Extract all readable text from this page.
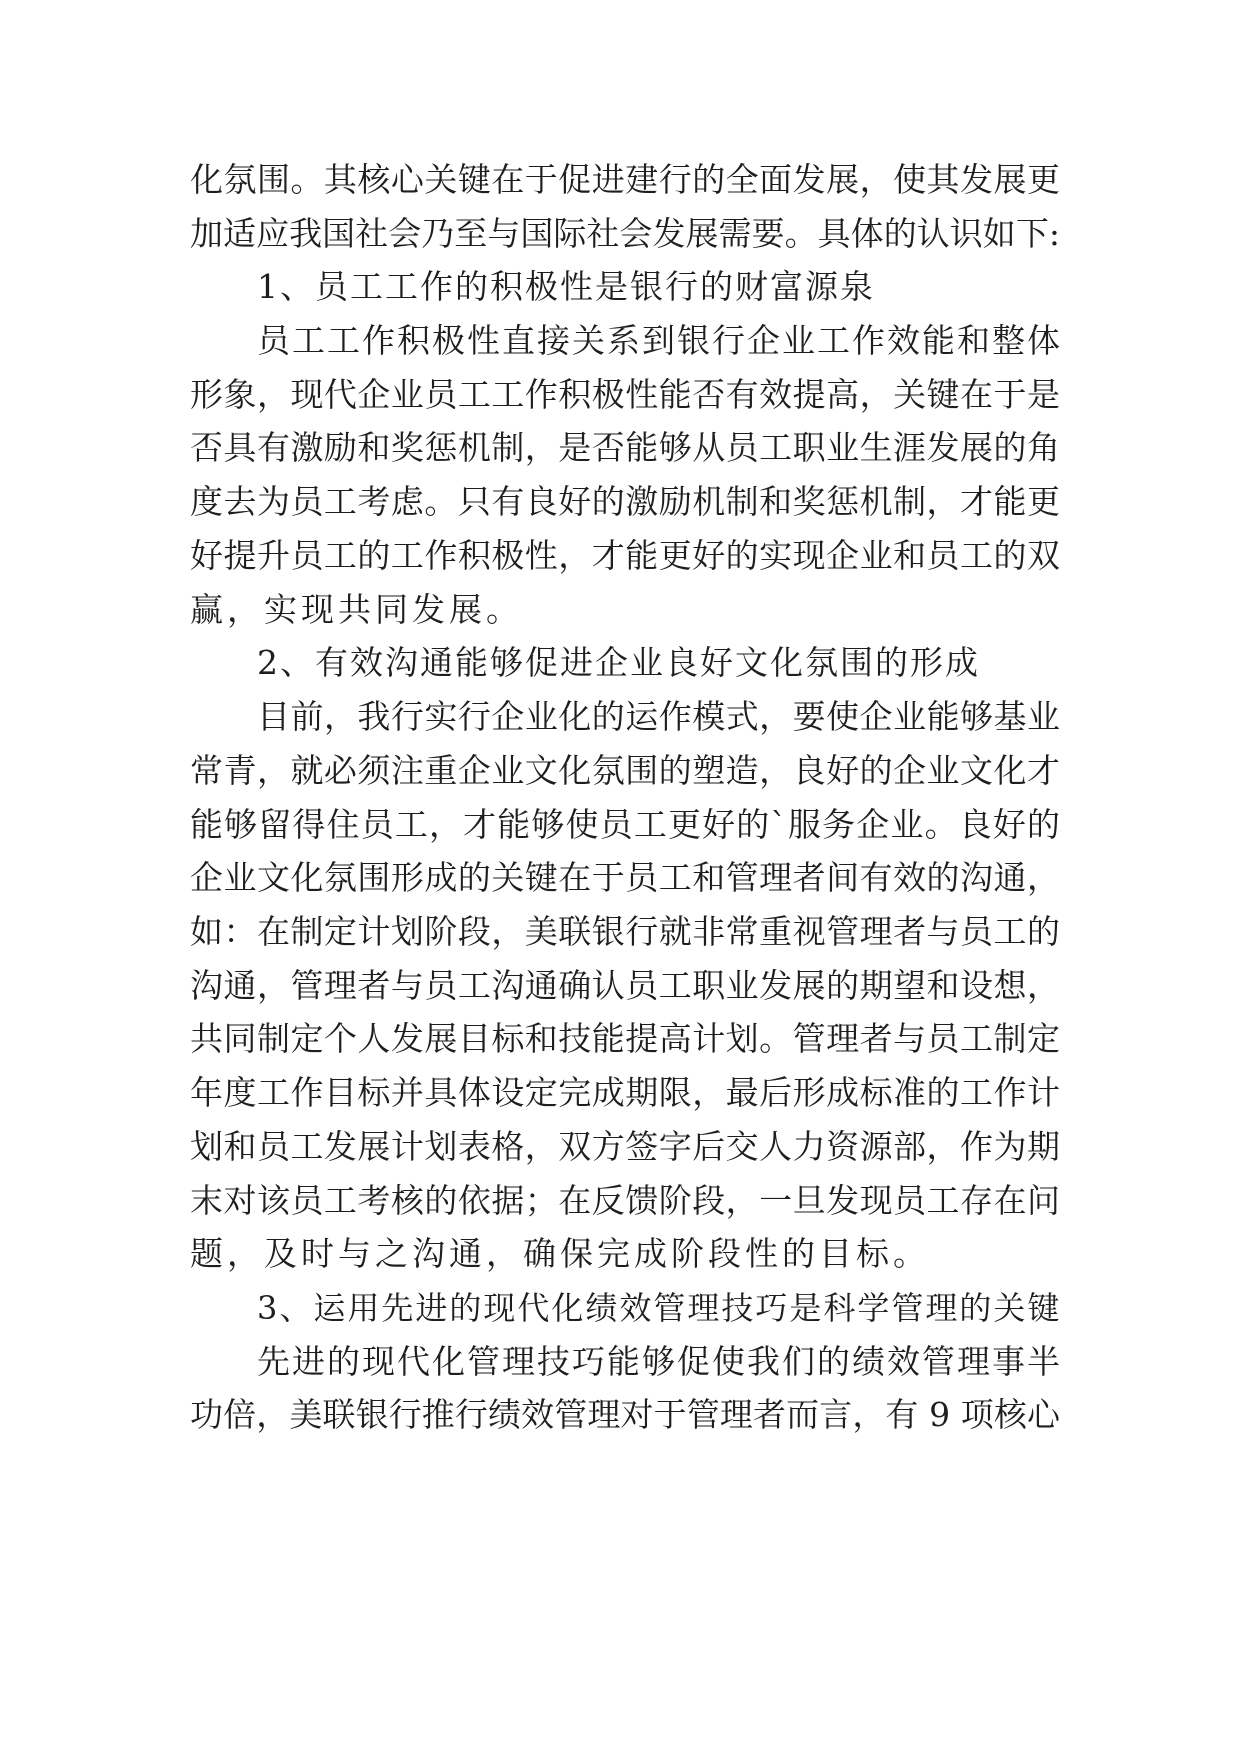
化氛围。其核心关键在于促进建行的全面发展，使其发展更
加适应我国社会乃至与国际社会发展需要。具体的认识如下:
1、员工工作的积极性是银行的财富源泉
员工工作积极性直接关系到银行企业工作效能和整体
形象，现代企业员工工作积极性能否有效提高，关键在于是
否具有激励和奖惩机制，是否能够从员工职业生涯发展的角
度去为员工考虑。只有良好的激励机制和奖惩机制，才能更
好提升员工的工作积极性，才能更好的实现企业和员工的双
赢，实现共同发展。
2、有效沟通能够促进企业良好文化氛围的形成
目前，我行实行企业化的运作模式，要使企业能够基业
常青，就必须注重企业文化氛围的塑造，良好的企业文化才
能够留得住员工，才能够使员工更好的`服务企业。良好的
企业文化氛围形成的关键在于员工和管理者间有效的沟通，
如：在制定计划阶段，美联银行就非常重视管理者与员工的
沟通，管理者与员工沟通确认员工职业发展的期望和设想，
共同制定个人发展目标和技能提高计划。管理者与员工制定
年度工作目标并具体设定完成期限，最后形成标准的工作计
划和员工发展计划表格，双方签字后交人力资源部，作为期
末对该员工考核的依据；在反馈阶段，一旦发现员工存在问
题，及时与之沟通，确保完成阶段性的目标。
3、运用先进的现代化绩效管理技巧是科学管理的关键
先进的现代化管理技巧能够促使我们的绩效管理事半
功倍，美联银行推行绩效管理对于管理者而言，有 9 项核心
